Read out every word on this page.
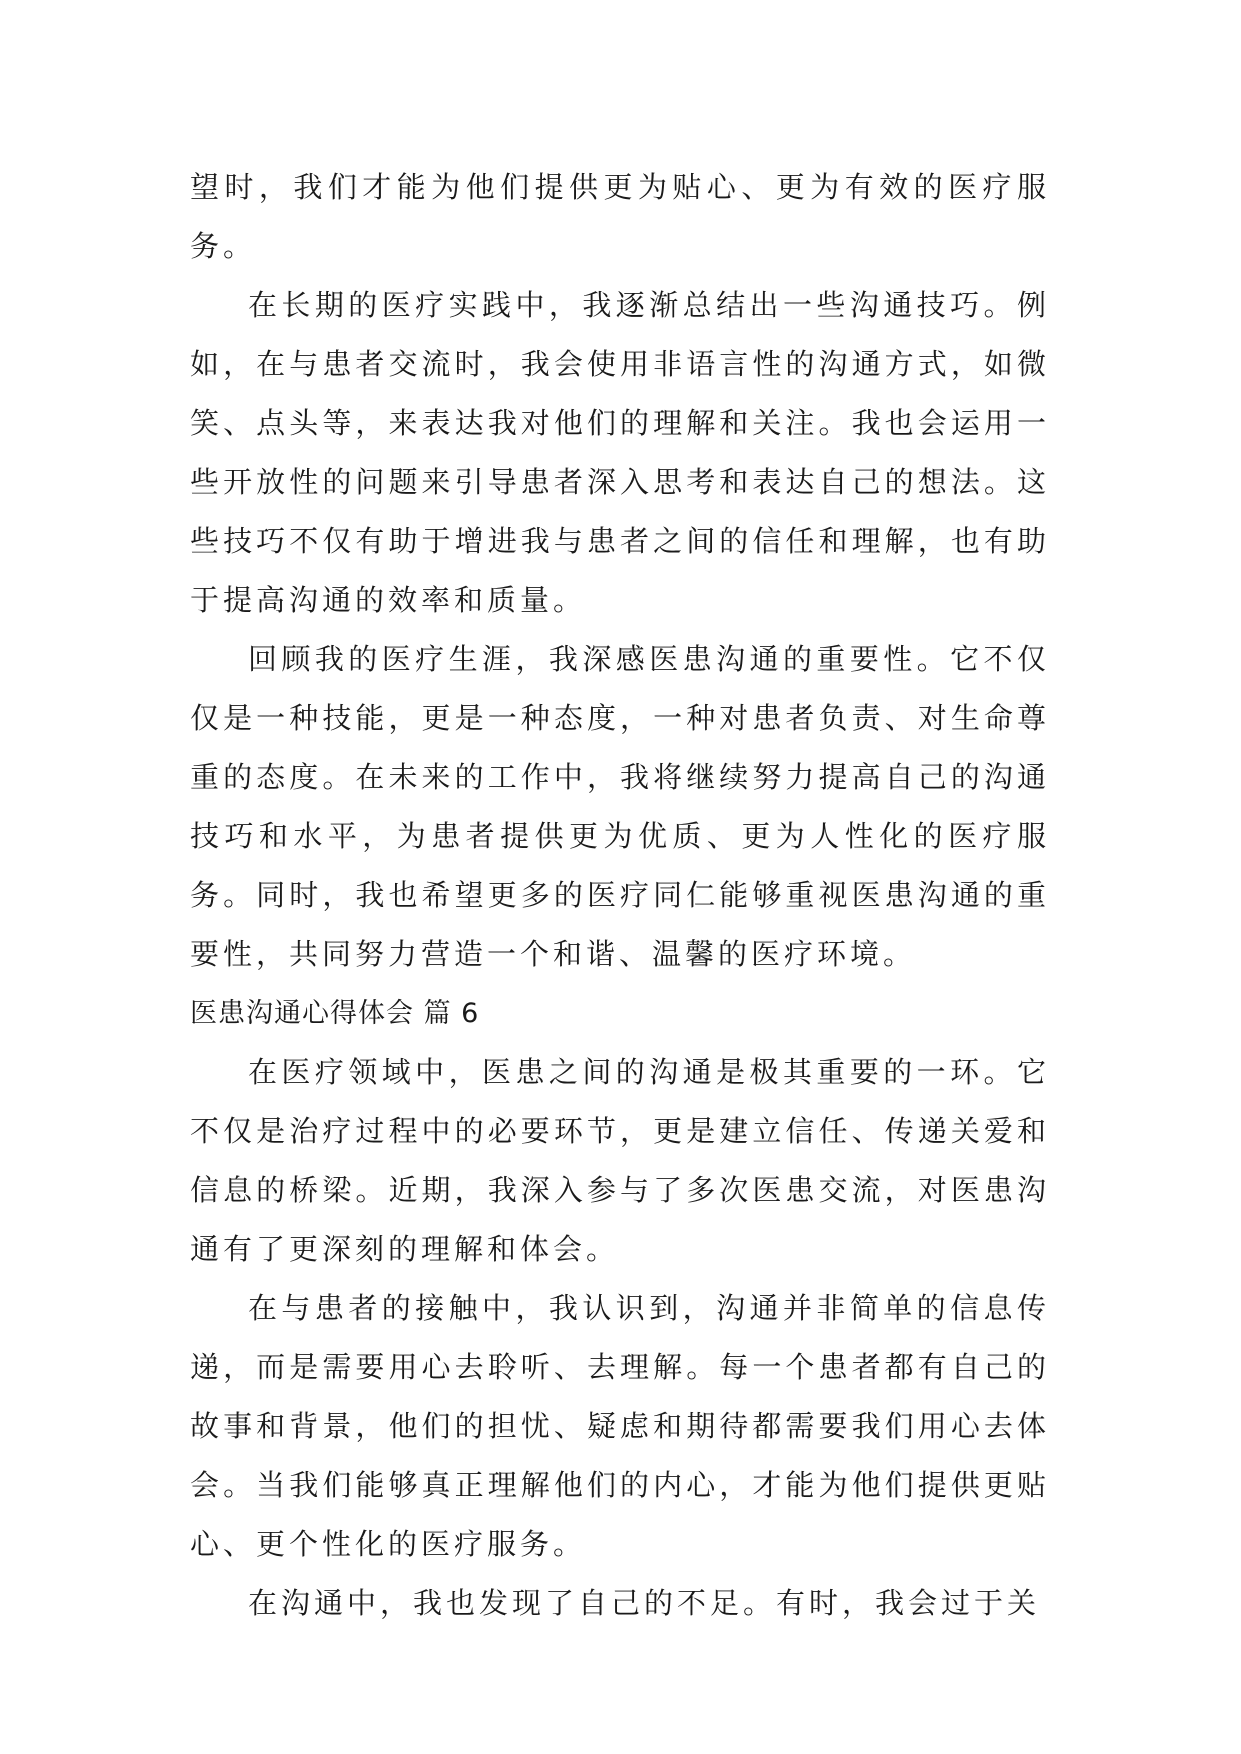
望时，我们才能为他们提供更为贴心、更为有效的医疗服务。

在长期的医疗实践中，我逐渐总结出一些沟通技巧。例如，在与患者交流时，我会使用非语言性的沟通方式，如微笑、点头等，来表达我对他们的理解和关注。我也会运用一些开放性的问题来引导患者深入思考和表达自己的想法。这些技巧不仅有助于增进我与患者之间的信任和理解，也有助于提高沟通的效率和质量。

回顾我的医疗生涯，我深感医患沟通的重要性。它不仅仅是一种技能，更是一种态度，一种对患者负责、对生命尊重的态度。在未来的工作中，我将继续努力提高自己的沟通技巧和水平，为患者提供更为优质、更为人性化的医疗服务。同时，我也希望更多的医疗同仁能够重视医患沟通的重要性，共同努力营造一个和谐、温馨的医疗环境。

医患沟通心得体会 篇 6

在医疗领域中，医患之间的沟通是极其重要的一环。它不仅是治疗过程中的必要环节，更是建立信任、传递关爱和信息的桥梁。近期，我深入参与了多次医患交流，对医患沟通有了更深刻的理解和体会。

在与患者的接触中，我认识到，沟通并非简单的信息传递，而是需要用心去聆听、去理解。每一个患者都有自己的故事和背景，他们的担忧、疑虑和期待都需要我们用心去体会。当我们能够真正理解他们的内心，才能为他们提供更贴心、更个性化的医疗服务。

在沟通中，我也发现了自己的不足。有时，我会过于关
